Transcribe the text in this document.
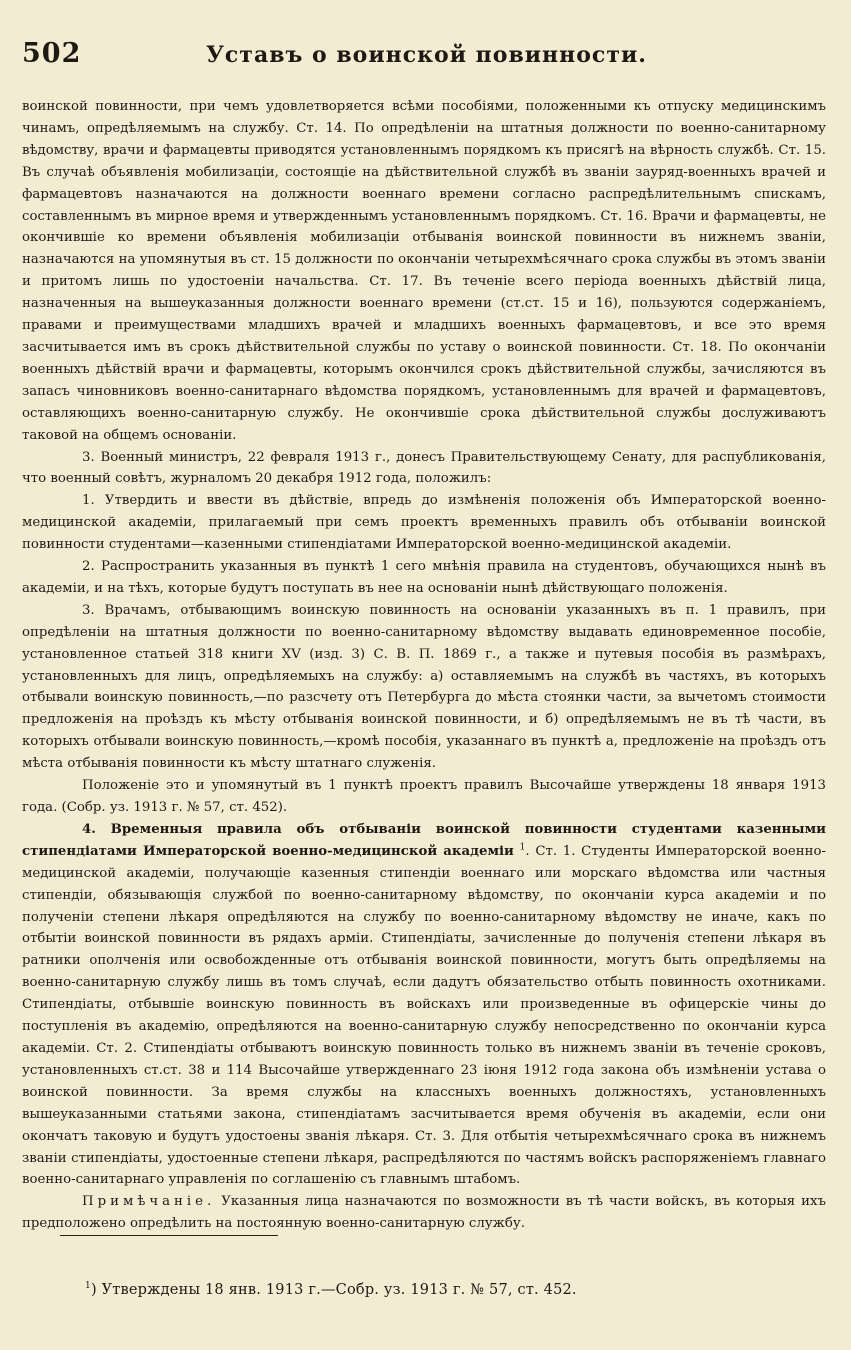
502	Уставъ о воинской повинности.

воинской повинности, при чемъ удовлетворяется всѣми пособіями, положенными къ отпуску медицинскимъ чинамъ, опредѣляемымъ на службу. Ст. 14. По опредѣленіи на штатныя должности по военно-санитарному вѣдомству, врачи и фармацевты приводятся установленнымъ порядкомъ къ присягѣ на вѣрность службѣ. Ст. 15. Въ случаѣ объявленія мобилизаціи, состоящіе на дѣйствительной службѣ въ званіи зауряд-военныхъ врачей и фармацевтовъ назначаются на должности военнаго времени согласно распредѣлительнымъ спискамъ, составленнымъ въ мирное время и утвержденнымъ установленнымъ порядкомъ. Ст. 16. Врачи и фармацевты, не окончившіе ко времени объявленія мобилизаціи отбыванія воинской повинности въ нижнемъ званіи, назначаются на упомянутыя въ ст. 15 должности по окончаніи четырехмѣсячнаго срока службы въ этомъ званіи и притомъ лишь по удостоеніи начальства. Ст. 17. Въ теченіе всего періода военныхъ дѣйствій лица, назначенныя на вышеуказанныя должности военнаго времени (ст.ст. 15 и 16), пользуются содержаніемъ, правами и преимуществами младшихъ врачей и младшихъ военныхъ фармацевтовъ, и все это время засчитывается имъ въ срокъ дѣйствительной службы по уставу о воинской повинности. Ст. 18. По окончаніи военныхъ дѣйствій врачи и фармацевты, которымъ окончился срокъ дѣйствительной службы, зачисляются въ запасъ чиновниковъ военно-санитарнаго вѣдомства порядкомъ, установленнымъ для врачей и фармацевтовъ, оставляющихъ военно-санитарную службу. Не окончившіе срока дѣйствительной службы дослуживаютъ таковой на общемъ основаніи.

3. Военный министръ, 22 февраля 1913 г., донесъ Правительствующему Сенату, для распубликованія, что военный совѣтъ, журналомъ 20 декабря 1912 года, положилъ:

1. Утвердить и ввести въ дѣйствіе, впредь до измѣненія положенія объ Императорской военно-медицинской академіи, прилагаемый при семъ проектъ временныхъ правилъ объ отбываніи воинской повинности студентами—казенными стипендіатами Императорской военно-медицинской академіи.

2. Распространить указанныя въ пунктѣ 1 сего мнѣнія правила на студентовъ, обучающихся нынѣ въ академіи, и на тѣхъ, которые будутъ поступать въ нее на основаніи нынѣ дѣйствующаго положенія.

3. Врачамъ, отбывающимъ воинскую повинность на основаніи указанныхъ въ п. 1 правилъ, при опредѣленіи на штатныя должности по военно-санитарному вѣдомству выдавать единовременное пособіе, установленное статьей 318 книги XV (изд. 3) С. В. П. 1869 г., а также и путевыя пособія въ размѣрахъ, установленныхъ для лицъ, опредѣляемыхъ на службу: а) оставляемымъ на службѣ въ частяхъ, въ которыхъ отбывали воинскую повинность,—по разсчету отъ Петербурга до мѣста стоянки части, за вычетомъ стоимости предложенія на проѣздъ къ мѣсту отбыванія воинской повинности, и б) опредѣляемымъ не въ тѣ части, въ которыхъ отбывали воинскую повинность,—кромѣ пособія, указаннаго въ пунктѣ а, предложеніе на проѣздъ отъ мѣста отбыванія повинности къ мѣсту штатнаго служенія.

Положеніе это и упомянутый въ 1 пунктѣ проектъ правилъ Высочайше утверждены 18 января 1913 года. (Собр. уз. 1913 г. № 57, ст. 452).

4. Временныя правила объ отбываніи воинской повинности студентами казенными стипендіатами Императорской военно-медицинской академіи $^1$. Ст. 1. Студенты Императорской военно-медицинской академіи, получающіе казенныя стипендіи военнаго или морскаго вѣдомства или частныя стипендіи, обязывающія службой по военно-санитарному вѣдомству, по окончаніи курса академіи и по полученіи степени лѣкаря опредѣляются на службу по военно-санитарному вѣдомству не иначе, какъ по отбытіи воинской повинности въ рядахъ арміи. Стипендіаты, зачисленные до полученія степени лѣкаря въ ратники ополченія или освобожденные отъ отбыванія воинской повинности, могутъ быть опредѣляемы на военно-санитарную службу лишь въ томъ случаѣ, если дадутъ обязательство отбыть повинность охотниками. Стипендіаты, отбывшіе воинскую повинность въ войскахъ или произведенные въ офицерскіе чины до поступленія въ академію, опредѣляются на военно-санитарную службу непосредственно по окончаніи курса академіи. Ст. 2. Стипендіаты отбываютъ воинскую повинность только въ нижнемъ званіи въ теченіе сроковъ, установленныхъ ст.ст. 38 и 114 Высочайше утвержденнаго 23 іюня 1912 года закона объ измѣненіи устава о воинской повинности. За время службы на классныхъ военныхъ должностяхъ, установленныхъ вышеуказанными статьями закона, стипендіатамъ засчитывается время обученія въ академіи, если они окончатъ таковую и будутъ удостоены званія лѣкаря. Ст. 3. Для отбытія четырехмѣсячнаго срока въ нижнемъ званіи стипендіаты, удостоенные степени лѣкаря, распредѣляются по частямъ войскъ распоряженіемъ главнаго военно-санитарнаго управленія по соглашенію съ главнымъ штабомъ.

Примѣчаніе. Указанныя лица назначаются по возможности въ тѣ части войскъ, въ которыя ихъ предположено опредѣлить на постоянную военно-санитарную службу.

$^1$) Утверждены 18 янв. 1913 г.—Собр. уз. 1913 г. № 57, ст. 452.
